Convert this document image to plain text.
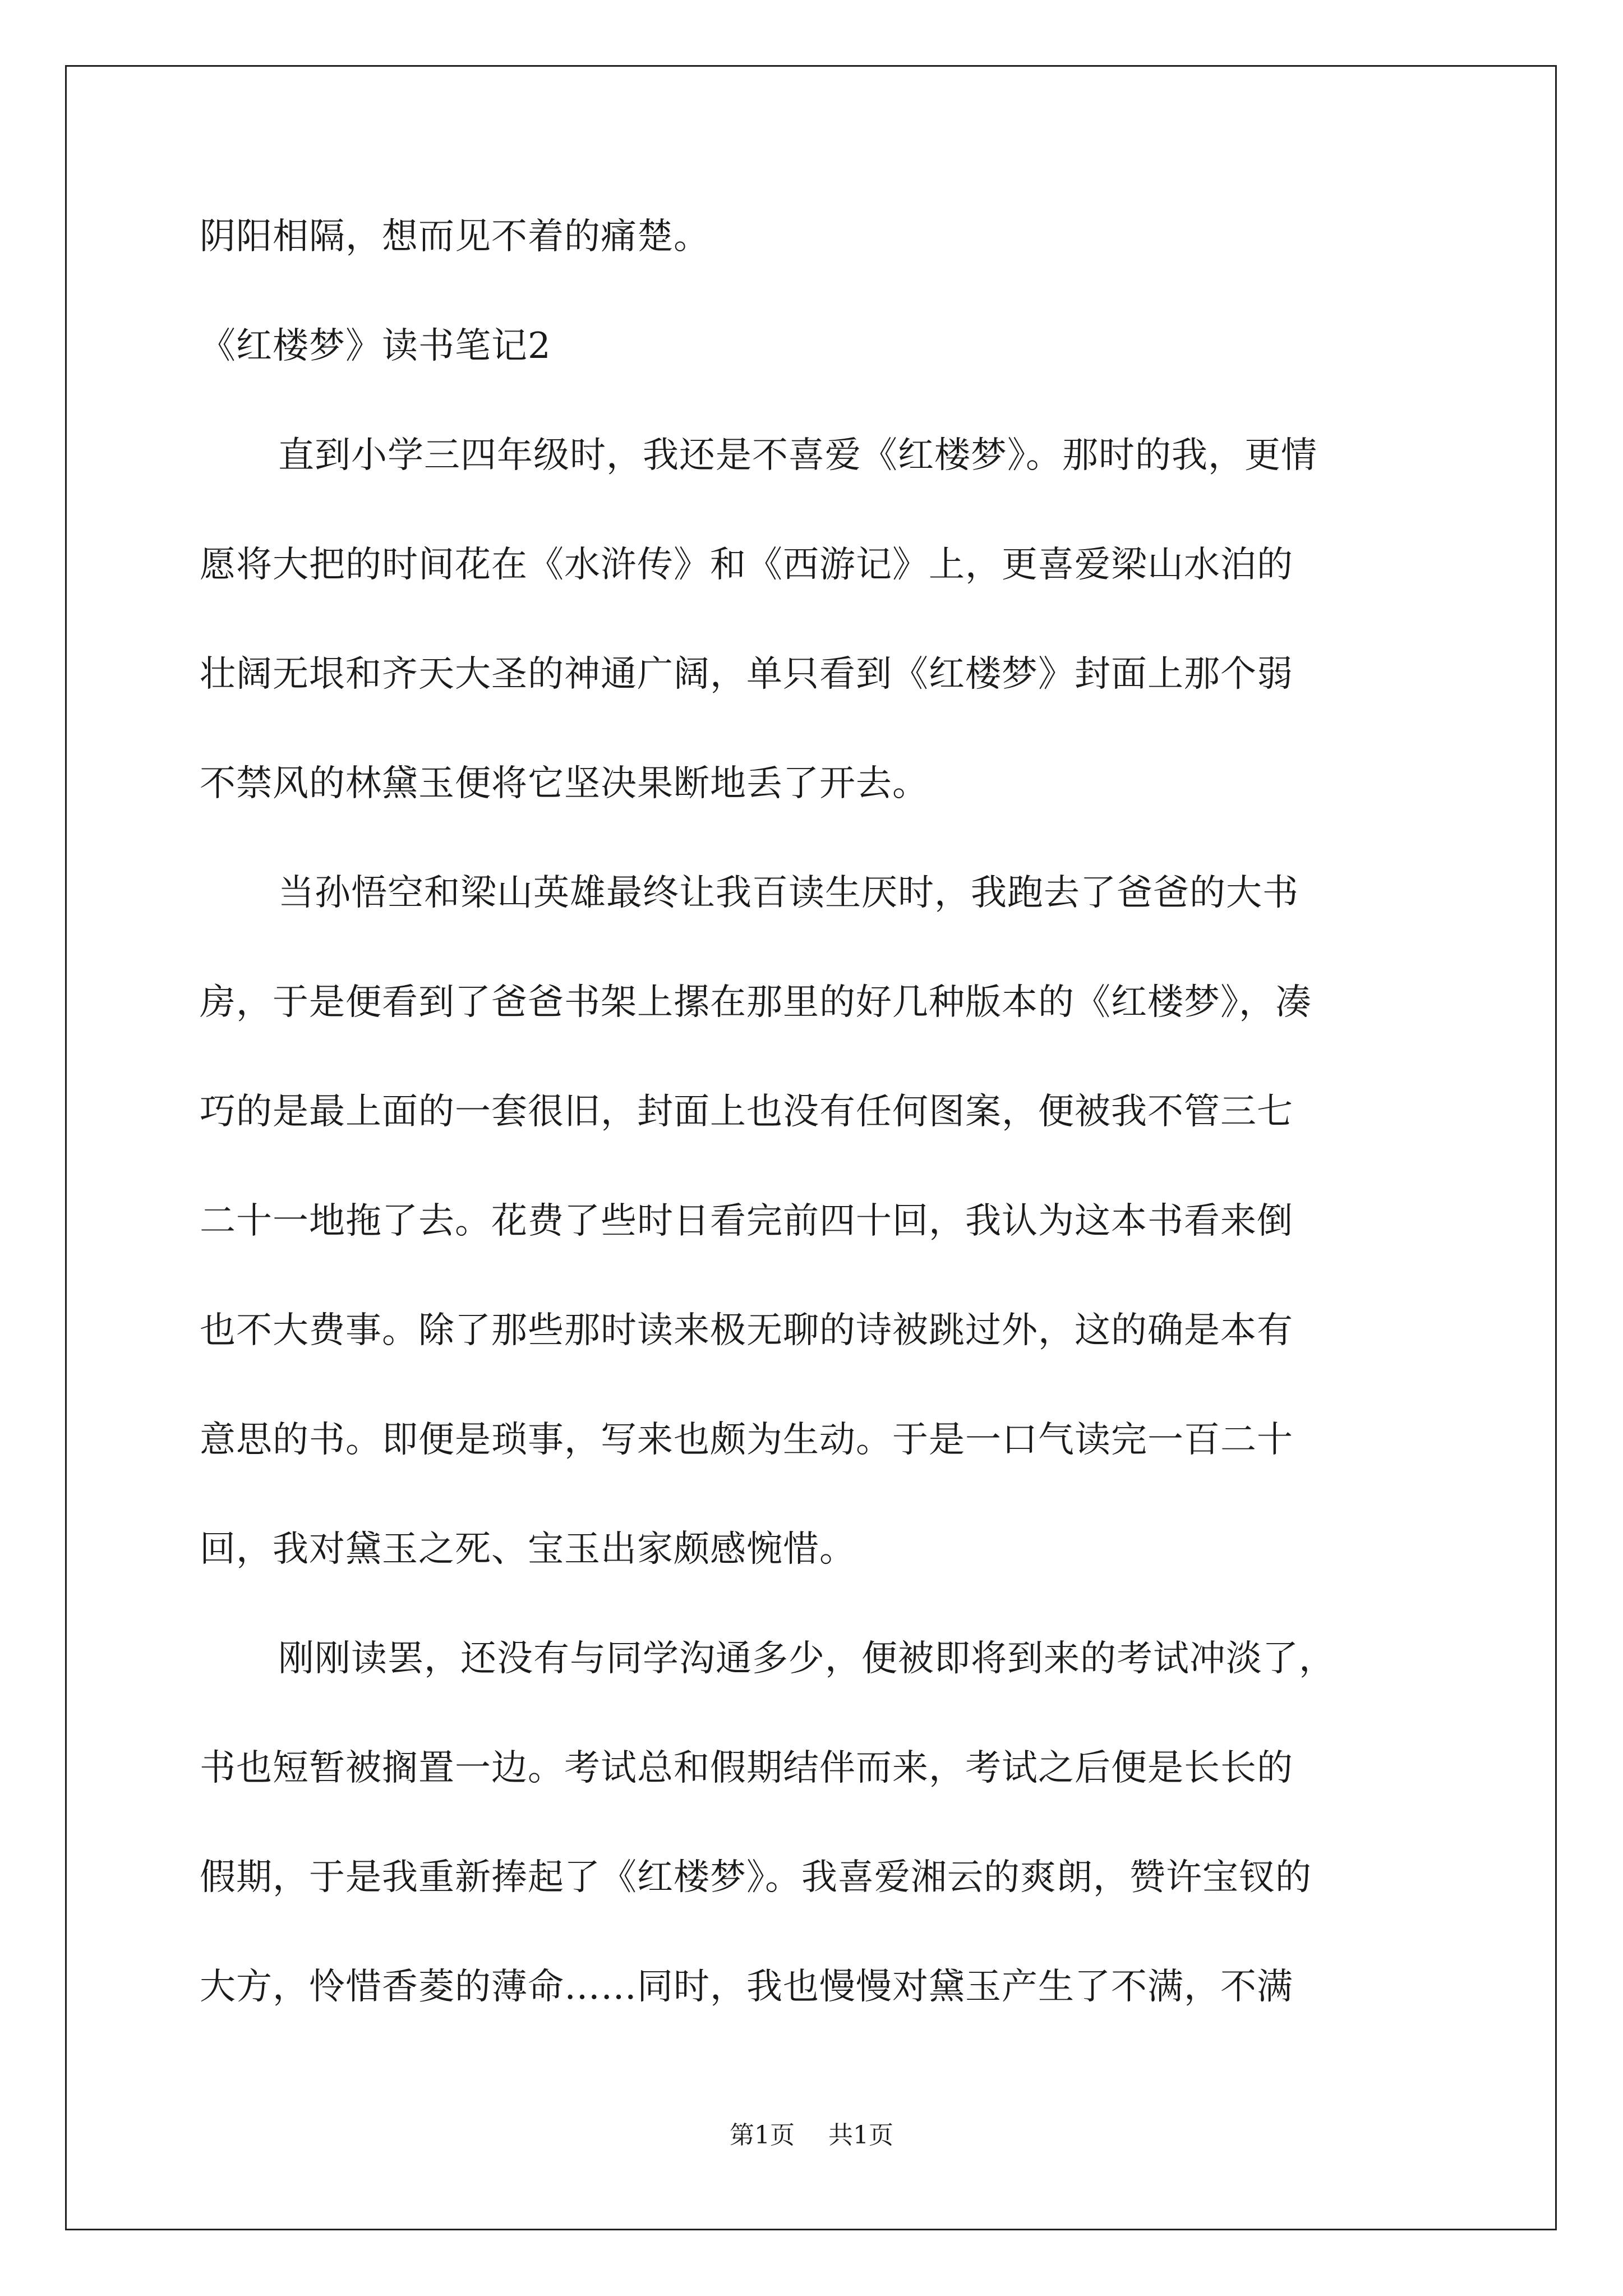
阴阳相隔，想而见不着的痛楚。
《红楼梦》读书笔记2
直到小学三四年级时，我还是不喜爱《红楼梦》。那时的我，更情
愿将大把的时间花在《水浒传》和《西游记》上，更喜爱梁山水泊的
壮阔无垠和齐天大圣的神通广阔，单只看到《红楼梦》封面上那个弱
不禁风的林黛玉便将它坚决果断地丢了开去。
当孙悟空和梁山英雄最终让我百读生厌时，我跑去了爸爸的大书
房，于是便看到了爸爸书架上摞在那里的好几种版本的《红楼梦》，凑
巧的是最上面的一套很旧，封面上也没有任何图案，便被我不管三七
二十一地拖了去。花费了些时日看完前四十回，我认为这本书看来倒
也不大费事。除了那些那时读来极无聊的诗被跳过外，这的确是本有
意思的书。即便是琐事，写来也颇为生动。于是一口气读完一百二十
回，我对黛玉之死、宝玉出家颇感惋惜。
刚刚读罢，还没有与同学沟通多少，便被即将到来的考试冲淡了，
书也短暂被搁置一边。考试总和假期结伴而来，考试之后便是长长的
假期，于是我重新捧起了《红楼梦》。我喜爱湘云的爽朗，赞许宝钗的
大方，怜惜香菱的薄命……同时，我也慢慢对黛玉产生了不满，不满
第1页 共1页
